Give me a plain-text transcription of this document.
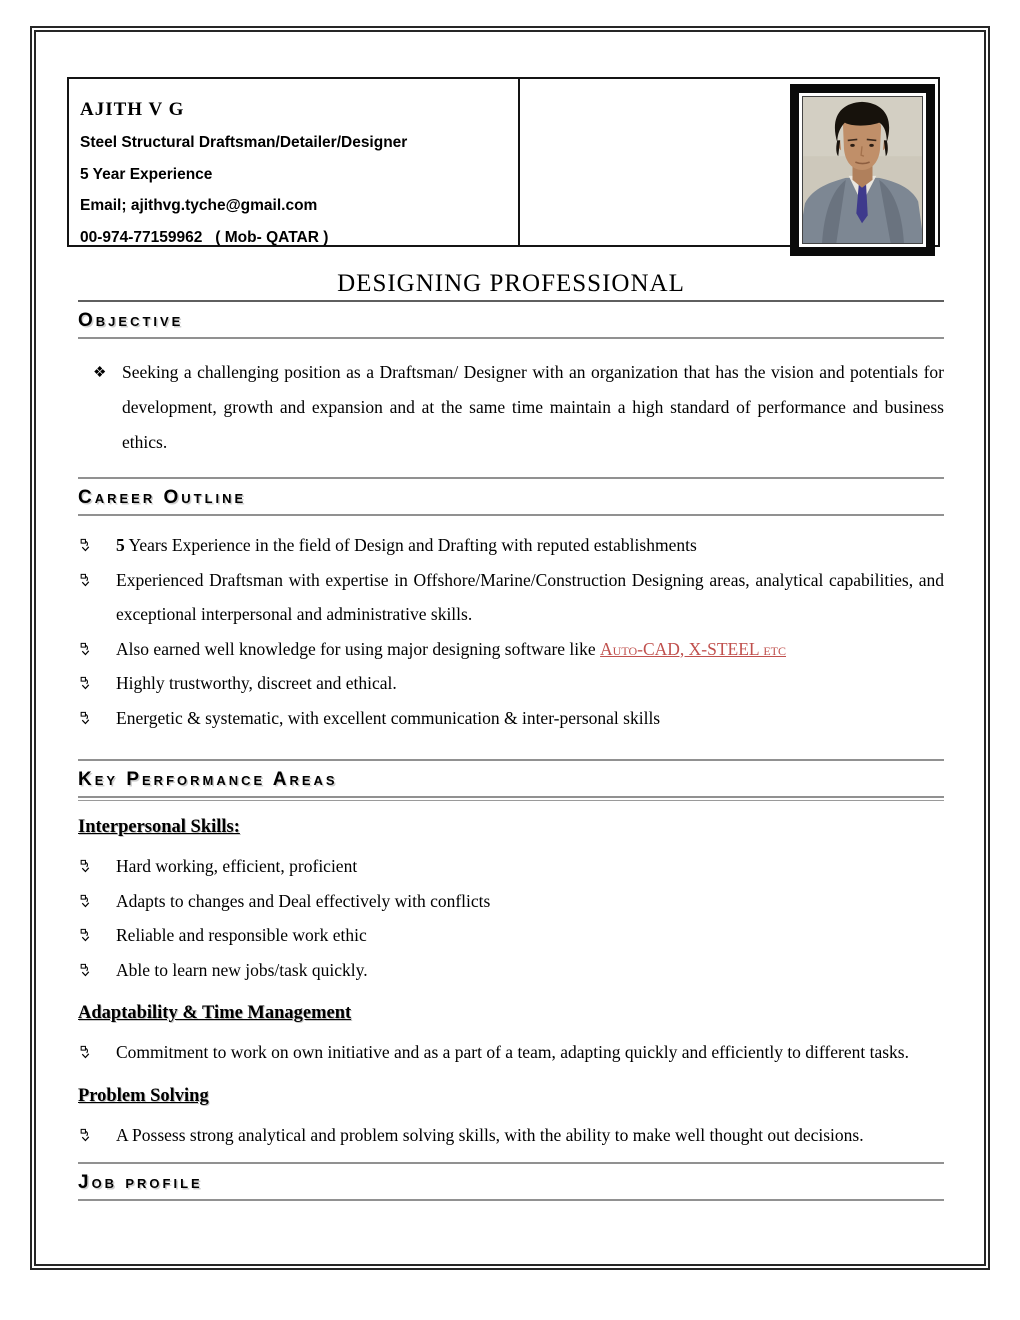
AJITH V G
Steel Structural Draftsman/Detailer/Designer
5 Year Experience
Email; ajithvg.tyche@gmail.com
00-974-77159962   ( Mob- QATAR )
DESIGNING PROFESSIONAL
Objective
❖ Seeking a challenging position as a Draftsman/ Designer with an organization that has the vision and potentials for development, growth and expansion and at the same time maintain a high standard of performance and business ethics.
Career Outline
5 Years Experience in the field of Design and Drafting with reputed establishments
Experienced Draftsman with expertise in Offshore/Marine/Construction Designing areas, analytical capabilities, and exceptional interpersonal and administrative skills.
Also earned well knowledge for using major designing software like Auto-CAD, X-STEEL etc
Highly trustworthy, discreet and ethical.
Energetic & systematic, with excellent communication & inter-personal skills
Key Performance Areas
Interpersonal Skills:
Hard working, efficient, proficient
Adapts to changes and Deal effectively with conflicts
Reliable and responsible work ethic
Able to learn new jobs/task quickly.
Adaptability & Time Management
Commitment to work on own initiative and as a part of a team, adapting quickly and efficiently to different tasks.
Problem Solving
A Possess strong analytical and problem solving skills, with the ability to make well thought out decisions.
Job profile
